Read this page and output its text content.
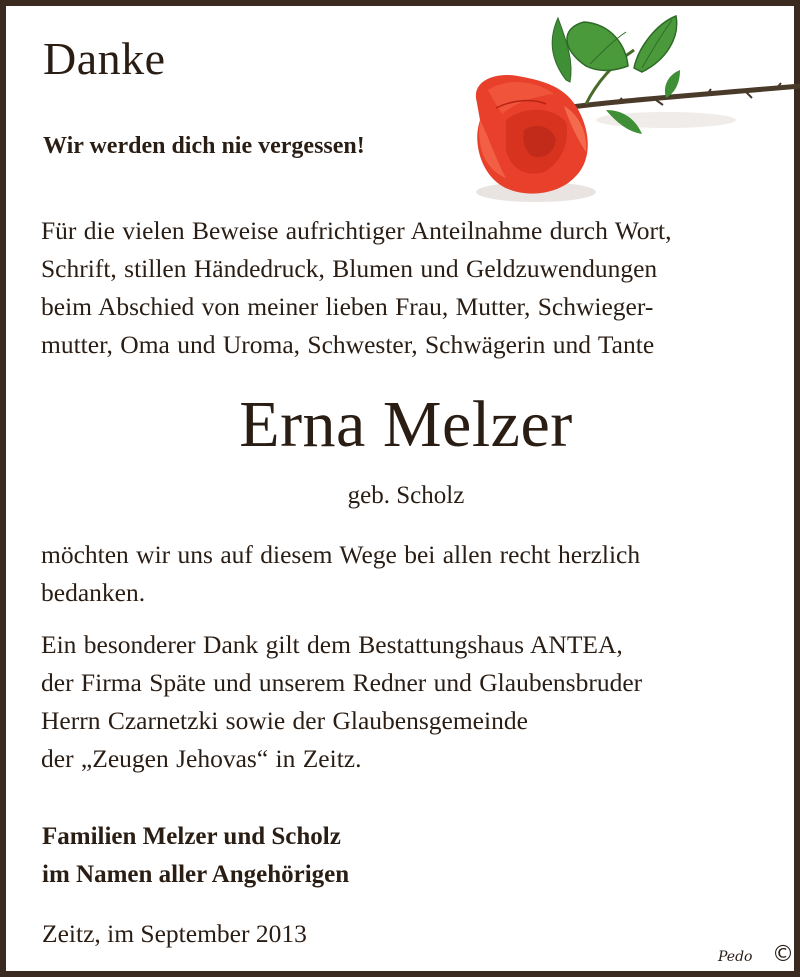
Danke

Wir werden dich nie vergessen!

Für die vielen Beweise aufrichtiger Anteilnahme durch Wort,
Schrift, stillen Händedruck, Blumen und Geldzuwendungen
beim Abschied von meiner lieben Frau, Mutter, Schwieger-
mutter, Oma und Uroma, Schwester, Schwägerin und Tante

Erna Melzer
geb. Scholz

möchten wir uns auf diesem Wege bei allen recht herzlich
bedanken.

Ein besonderer Dank gilt dem Bestattungshaus ANTEA,
der Firma Späte und unserem Redner und Glaubensbruder
Herrn Czarnetzki sowie der Glaubensgemeinde
der „Zeugen Jehovas“ in Zeitz.

Familien Melzer und Scholz
im Namen aller Angehörigen

Zeitz, im September 2013

Pedo ©
